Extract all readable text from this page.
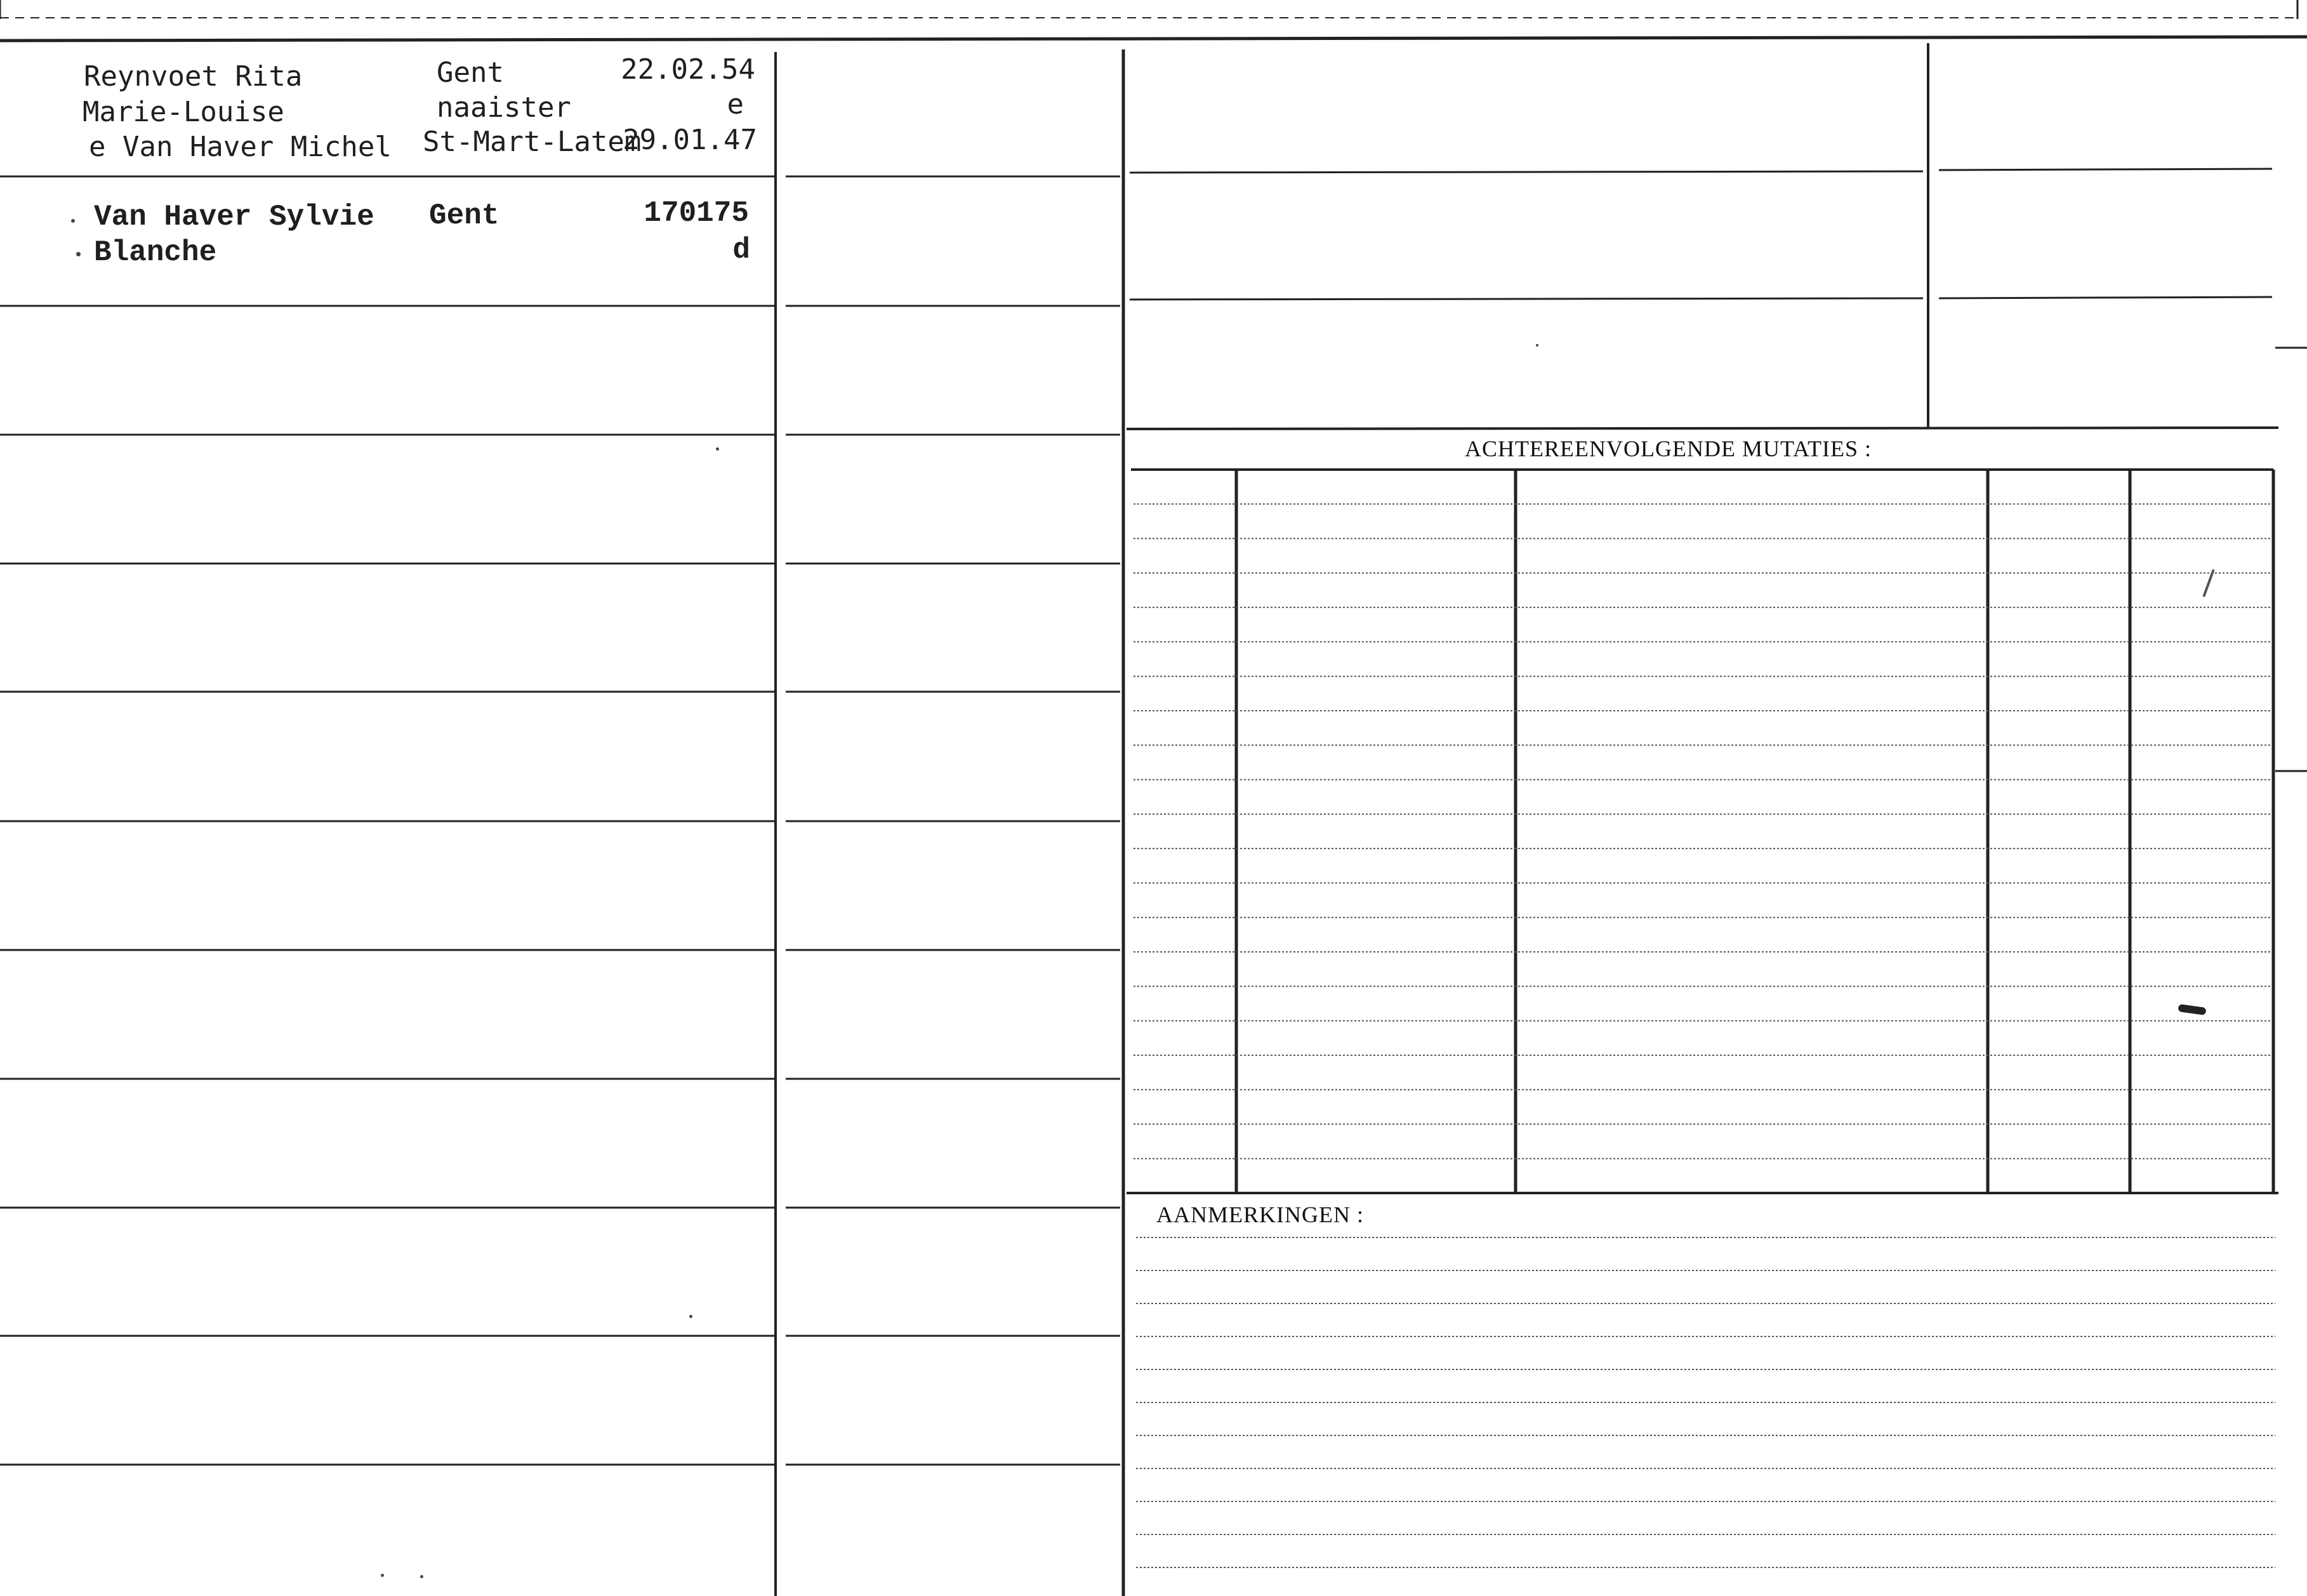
Reynvoet Rita
Marie-Louise
e Van Haver Michel
Gent
naaister
St-Mart-Latem
22.02.54
e
29.01.47
Van Haver Sylvie
Blanche
Gent	170175
d
ACHTEREENVOLGENDE MUTATIES :
AANMERKINGEN :
